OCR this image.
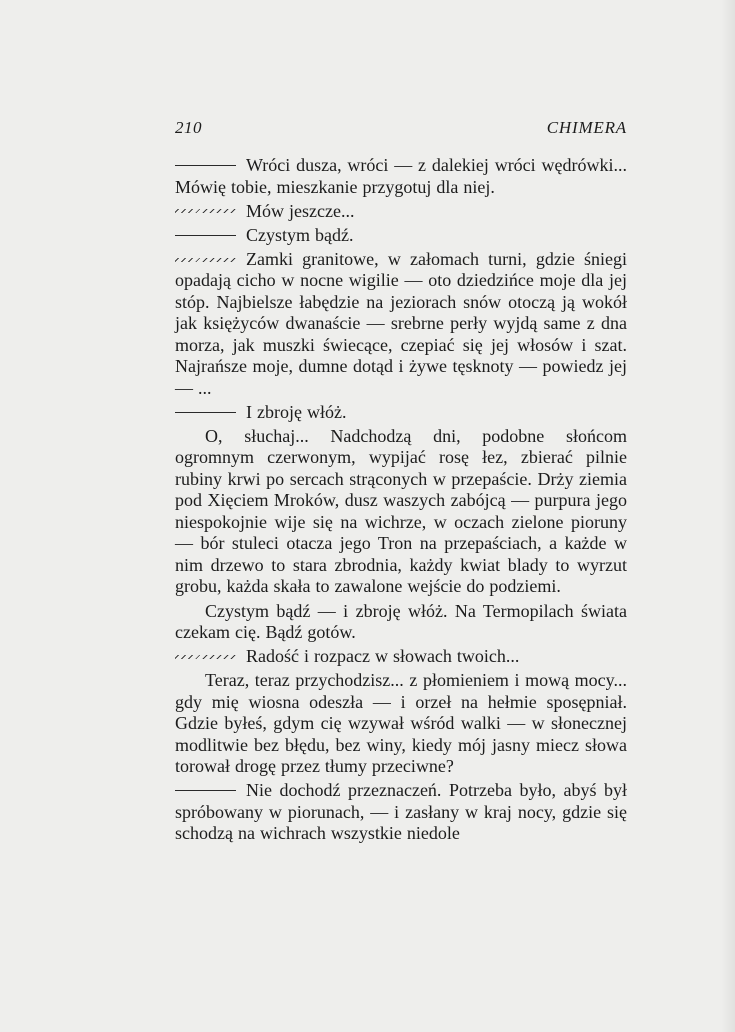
210	CHIMERA

Wróci dusza, wróci — z dalekiej wróci wędrówki... Mówię tobie, mieszkanie przygotuj dla niej.

Mów jeszcze...

Czystym bądź.

Zamki granitowe, w załomach turni, gdzie śniegi opadają cicho w nocne wigilie — oto dziedzińce moje dla jej stóp. Najbielsze łabędzie na jeziorach snów otoczą ją wokół jak księżyców dwanaście — srebrne perły wyjdą same z dna morza, jak muszki świecące, czepiać się jej włosów i szat. Najrańsze moje, dumne dotąd i żywe tęsknoty — powiedz jej — ...

I zbroję włóż.

O, słuchaj... Nadchodzą dni, podobne słońcom ogromnym czerwonym, wypijać rosę łez, zbierać pilnie rubiny krwi po sercach strąconych w przepaście. Drży ziemia pod Xięciem Mroków, dusz waszych zabójcą — purpura jego niespokojnie wije się na wichrze, w oczach zielone pioruny — bór stuleci otacza jego Tron na przepaściach, a każde w nim drzewo to stara zbrodnia, każdy kwiat blady to wyrzut grobu, każda skała to zawalone wejście do podziemi.

Czystym bądź — i zbroję włóż. Na Termopilach świata czekam cię. Bądź gotów.

Radość i rozpacz w słowach twoich...

Teraz, teraz przychodzisz... z płomieniem i mową mocy... gdy mię wiosna odeszła — i orzeł na hełmie sposępniał. Gdzie byłeś, gdym cię wzywał wśród walki — w słonecznej modlitwie bez błędu, bez winy, kiedy mój jasny miecz słowa torował drogę przez tłumy przeciwne?

Nie dochodź przeznaczeń. Potrzeba było, abyś był spróbowany w piorunach, — i zasłany w kraj nocy, gdzie się schodzą na wichrach wszystkie niedole
